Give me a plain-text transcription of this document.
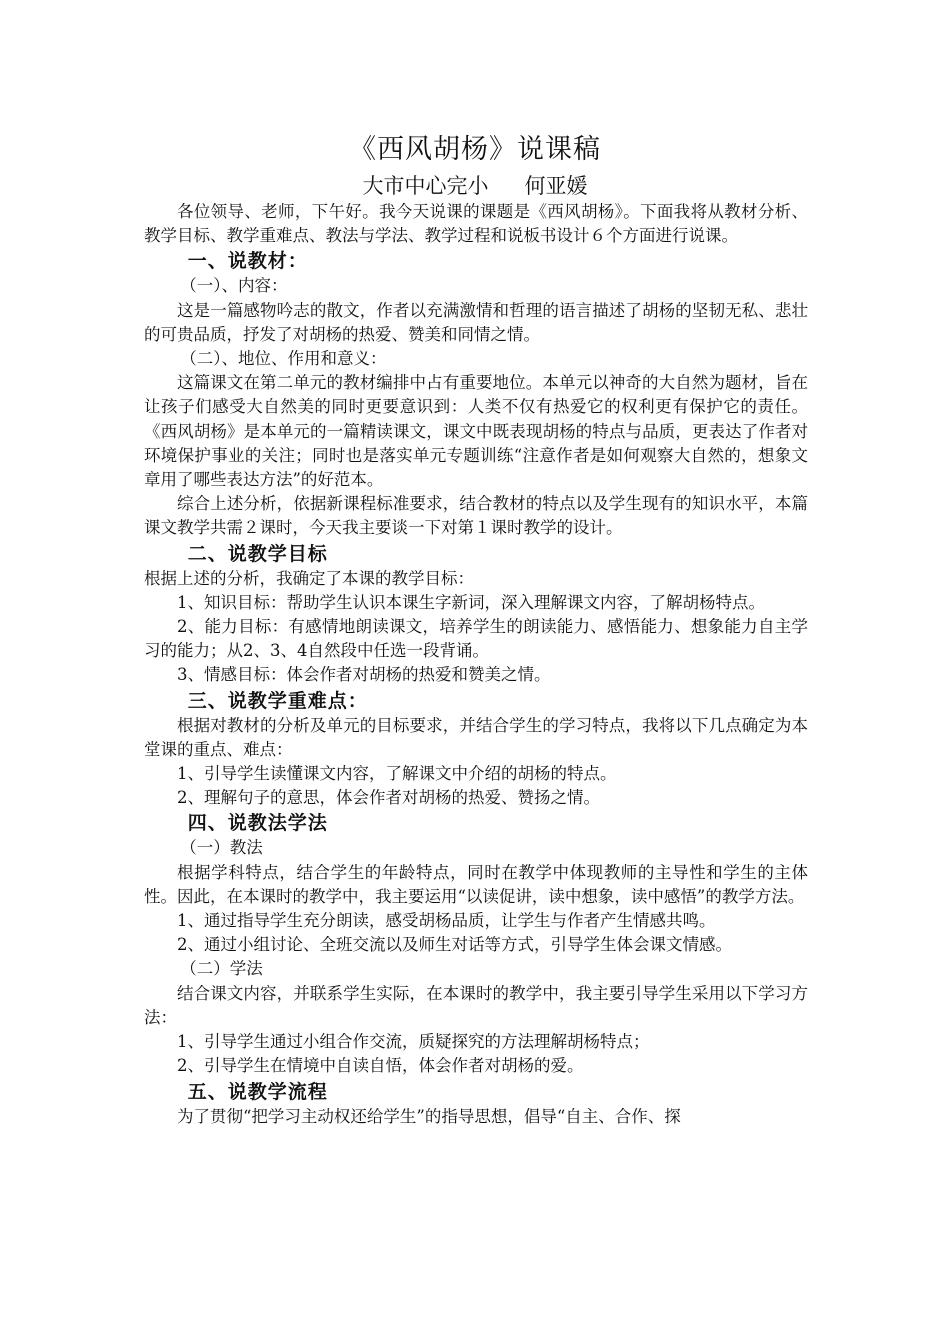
《西风胡杨》说课稿
大市中心完小 何亚媛

各位领导、老师，下午好。我今天说课的课题是《西风胡杨》。下面我将从教材分析、教学目标、教学重难点、教法与学法、教学过程和说板书设计６个方面进行说课。

一、说教材：

（一）、内容：

这是一篇感物吟志的散文，作者以充满激情和哲理的语言描述了胡杨的坚韧无私、悲壮的可贵品质，抒发了对胡杨的热爱、赞美和同情之情。

（二）、地位、作用和意义：

这篇课文在第二单元的教材编排中占有重要地位。本单元以神奇的大自然为题材，旨在让孩子们感受大自然美的同时更要意识到：人类不仅有热爱它的权利更有保护它的责任。《西风胡杨》是本单元的一篇精读课文，课文中既表现胡杨的特点与品质，更表达了作者对环境保护事业的关注；同时也是落实单元专题训练“注意作者是如何观察大自然的，想象文章用了哪些表达方法”的好范本。

综合上述分析，依据新课程标准要求，结合教材的特点以及学生现有的知识水平，本篇课文教学共需２课时，今天我主要谈一下对第１课时教学的设计。

二、说教学目标

根据上述的分析，我确定了本课的教学目标：

1、知识目标：帮助学生认识本课生字新词，深入理解课文内容，了解胡杨特点。

2、能力目标：有感情地朗读课文，培养学生的朗读能力、感悟能力、想象能力自主学习的能力；从2、3、4自然段中任选一段背诵。

3、情感目标：体会作者对胡杨的热爱和赞美之情。

三、说教学重难点：

根据对教材的分析及单元的目标要求，并结合学生的学习特点，我将以下几点确定为本堂课的重点、难点：

1、引导学生读懂课文内容，了解课文中介绍的胡杨的特点。

2、理解句子的意思，体会作者对胡杨的热爱、赞扬之情。

四、说教法学法

（一）教法

根据学科特点，结合学生的年龄特点，同时在教学中体现教师的主导性和学生的主体性。因此，在本课时的教学中，我主要运用“以读促讲，读中想象，读中感悟”的教学方法。

1、通过指导学生充分朗读，感受胡杨品质，让学生与作者产生情感共鸣。

2、通过小组讨论、全班交流以及师生对话等方式，引导学生体会课文情感。

（二）学法

结合课文内容，并联系学生实际，在本课时的教学中，我主要引导学生采用以下学习方法：

1、引导学生通过小组合作交流，质疑探究的方法理解胡杨特点；

2、引导学生在情境中自读自悟，体会作者对胡杨的爱。

五、说教学流程

为了贯彻“把学习主动权还给学生”的指导思想，倡导“自主、合作、探
